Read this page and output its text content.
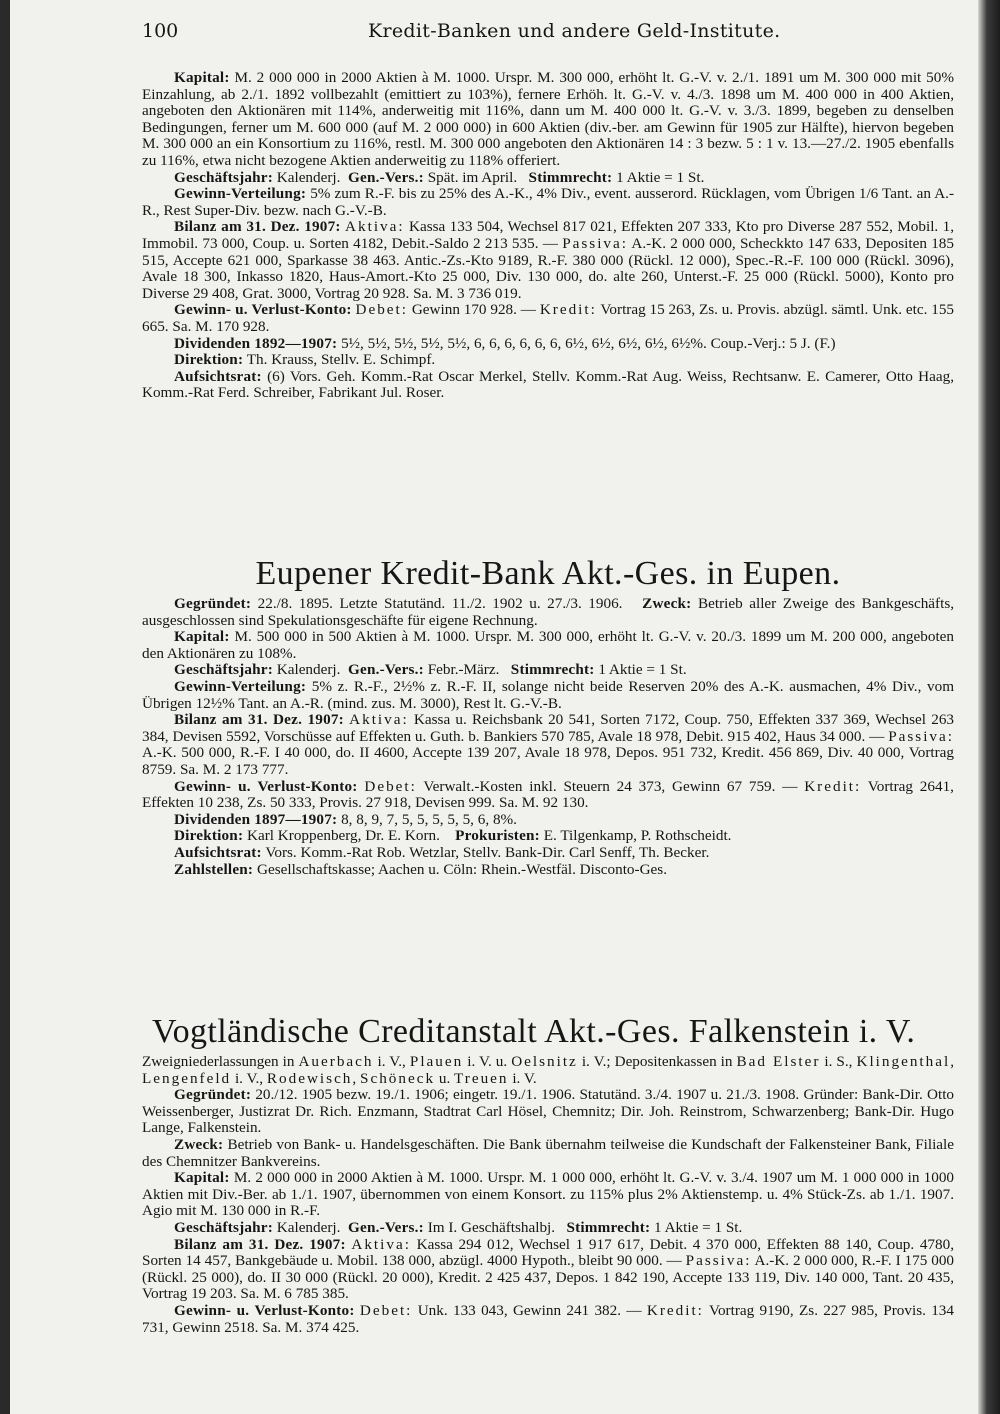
100	Kredit-Banken und andere Geld-Institute.

Kapital: M. 2 000 000 in 2000 Aktien à M. 1000. Urspr. M. 300 000, erhöht lt. G.-V. v. 2./1. 1891 um M. 300 000 mit 50% Einzahlung, ab 2./1. 1892 vollbezahlt (emittiert zu 103%), fernere Erhöh. lt. G.-V. v. 4./3. 1898 um M. 400 000 in 400 Aktien, angeboten den Aktionären mit 114%, anderweitig mit 116%, dann um M. 400 000 lt. G.-V. v. 3./3. 1899, begeben zu denselben Bedingungen, ferner um M. 600 000 (auf M. 2 000 000) in 600 Aktien (div.-ber. am Gewinn für 1905 zur Hälfte), hiervon begeben M. 300 000 an ein Konsortium zu 116%, restl. M. 300 000 angeboten den Aktionären 14 : 3 bezw. 5 : 1 v. 13.—27./2. 1905 ebenfalls zu 116%, etwa nicht bezogene Aktien anderweitig zu 118% offeriert.

Geschäftsjahr: Kalenderj. Gen.-Vers.: Spät. im April. Stimmrecht: 1 Aktie = 1 St.

Gewinn-Verteilung: 5% zum R.-F. bis zu 25% des A.-K., 4% Div., event. ausserord. Rücklagen, vom Übrigen 1/6 Tant. an A.-R., Rest Super-Div. bezw. nach G.-V.-B.

Bilanz am 31. Dez. 1907: Aktiva: Kassa 133 504, Wechsel 817 021, Effekten 207 333, Kto pro Diverse 287 552, Mobil. 1, Immobil. 73 000, Coup. u. Sorten 4182, Debit.-Saldo 2 213 535. — Passiva: A.-K. 2 000 000, Scheckkto 147 633, Depositen 185 515, Accepte 621 000, Sparkasse 38 463. Antic.-Zs.-Kto 9189, R.-F. 380 000 (Rückl. 12 000), Spec.-R.-F. 100 000 (Rückl. 3096), Avale 18 300, Inkasso 1820, Haus-Amort.-Kto 25 000, Div. 130 000, do. alte 260, Unterst.-F. 25 000 (Rückl. 5000), Konto pro Diverse 29 408, Grat. 3000, Vortrag 20 928. Sa. M. 3 736 019.

Gewinn- u. Verlust-Konto: Debet: Gewinn 170 928. — Kredit: Vortrag 15 263, Zs. u. Provis. abzügl. sämtl. Unk. etc. 155 665. Sa. M. 170 928.

Dividenden 1892—1907: 5½, 5½, 5½, 5½, 5½, 6, 6, 6, 6, 6, 6, 6½, 6½, 6½, 6½, 6½%. Coup.-Verj.: 5 J. (F.)

Direktion: Th. Krauss, Stellv. E. Schimpf.

Aufsichtsrat: (6) Vors. Geh. Komm.-Rat Oscar Merkel, Stellv. Komm.-Rat Aug. Weiss, Rechtsanw. E. Camerer, Otto Haag, Komm.-Rat Ferd. Schreiber, Fabrikant Jul. Roser.

Eupener Kredit-Bank Akt.-Ges. in Eupen.

Gegründet: 22./8. 1895. Letzte Statutänd. 11./2. 1902 u. 27./3. 1906. Zweck: Betrieb aller Zweige des Bankgeschäfts, ausgeschlossen sind Spekulationsgeschäfte für eigene Rechnung.

Kapital: M. 500 000 in 500 Aktien à M. 1000. Urspr. M. 300 000, erhöht lt. G.-V. v. 20./3. 1899 um M. 200 000, angeboten den Aktionären zu 108%.

Geschäftsjahr: Kalenderj. Gen.-Vers.: Febr.-März. Stimmrecht: 1 Aktie = 1 St.

Gewinn-Verteilung: 5% z. R.-F., 2½% z. R.-F. II, solange nicht beide Reserven 20% des A.-K. ausmachen, 4% Div., vom Übrigen 12½% Tant. an A.-R. (mind. zus. M. 3000), Rest lt. G.-V.-B.

Bilanz am 31. Dez. 1907: Aktiva: Kassa u. Reichsbank 20 541, Sorten 7172, Coup. 750, Effekten 337 369, Wechsel 263 384, Devisen 5592, Vorschüsse auf Effekten u. Guth. b. Bankiers 570 785, Avale 18 978, Debit. 915 402, Haus 34 000. — Passiva: A.-K. 500 000, R.-F. I 40 000, do. II 4600, Accepte 139 207, Avale 18 978, Depos. 951 732, Kredit. 456 869, Div. 40 000, Vortrag 8759. Sa. M. 2 173 777.

Gewinn- u. Verlust-Konto: Debet: Verwalt.-Kosten inkl. Steuern 24 373, Gewinn 67 759. — Kredit: Vortrag 2641, Effekten 10 238, Zs. 50 333, Provis. 27 918, Devisen 999. Sa. M. 92 130.

Dividenden 1897—1907: 8, 8, 9, 7, 5, 5, 5, 5, 5, 6, 8%.

Direktion: Karl Kroppenberg, Dr. E. Korn. Prokuristen: E. Tilgenkamp, P. Rothscheidt.

Aufsichtsrat: Vors. Komm.-Rat Rob. Wetzlar, Stellv. Bank-Dir. Carl Senff, Th. Becker.

Zahlstellen: Gesellschaftskasse; Aachen u. Cöln: Rhein.-Westfäl. Disconto-Ges.

Vogtländische Creditanstalt Akt.-Ges. Falkenstein i. V.

Zweigniederlassungen in Auerbach i. V., Plauen i. V. u. Oelsnitz i. V.; Depositenkassen in Bad Elster i. S., Klingenthal, Lengenfeld i. V., Rodewisch, Schöneck u. Treuen i. V.

Gegründet: 20./12. 1905 bezw. 19./1. 1906; eingetr. 19./1. 1906. Statutänd. 3./4. 1907 u. 21./3. 1908. Gründer: Bank-Dir. Otto Weissenberger, Justizrat Dr. Rich. Enzmann, Stadtrat Carl Hösel, Chemnitz; Dir. Joh. Reinstrom, Schwarzenberg; Bank-Dir. Hugo Lange, Falkenstein.

Zweck: Betrieb von Bank- u. Handelsgeschäften. Die Bank übernahm teilweise die Kundschaft der Falkensteiner Bank, Filiale des Chemnitzer Bankvereins.

Kapital: M. 2 000 000 in 2000 Aktien à M. 1000. Urspr. M. 1 000 000, erhöht lt. G.-V. v. 3./4. 1907 um M. 1 000 000 in 1000 Aktien mit Div.-Ber. ab 1./1. 1907, übernommen von einem Konsort. zu 115% plus 2% Aktienstemp. u. 4% Stück-Zs. ab 1./1. 1907. Agio mit M. 130 000 in R.-F.

Geschäftsjahr: Kalenderj. Gen.-Vers.: Im I. Geschäftshalbj. Stimmrecht: 1 Aktie = 1 St.

Bilanz am 31. Dez. 1907: Aktiva: Kassa 294 012, Wechsel 1 917 617, Debit. 4 370 000, Effekten 88 140, Coup. 4780, Sorten 14 457, Bankgebäude u. Mobil. 138 000, abzügl. 4000 Hypoth., bleibt 90 000. — Passiva: A.-K. 2 000 000, R.-F. I 175 000 (Rückl. 25 000), do. II 30 000 (Rückl. 20 000), Kredit. 2 425 437, Depos. 1 842 190, Accepte 133 119, Div. 140 000, Tant. 20 435, Vortrag 19 203. Sa. M. 6 785 385.

Gewinn- u. Verlust-Konto: Debet: Unk. 133 043, Gewinn 241 382. — Kredit: Vortrag 9190, Zs. 227 985, Provis. 134 731, Gewinn 2518. Sa. M. 374 425.
